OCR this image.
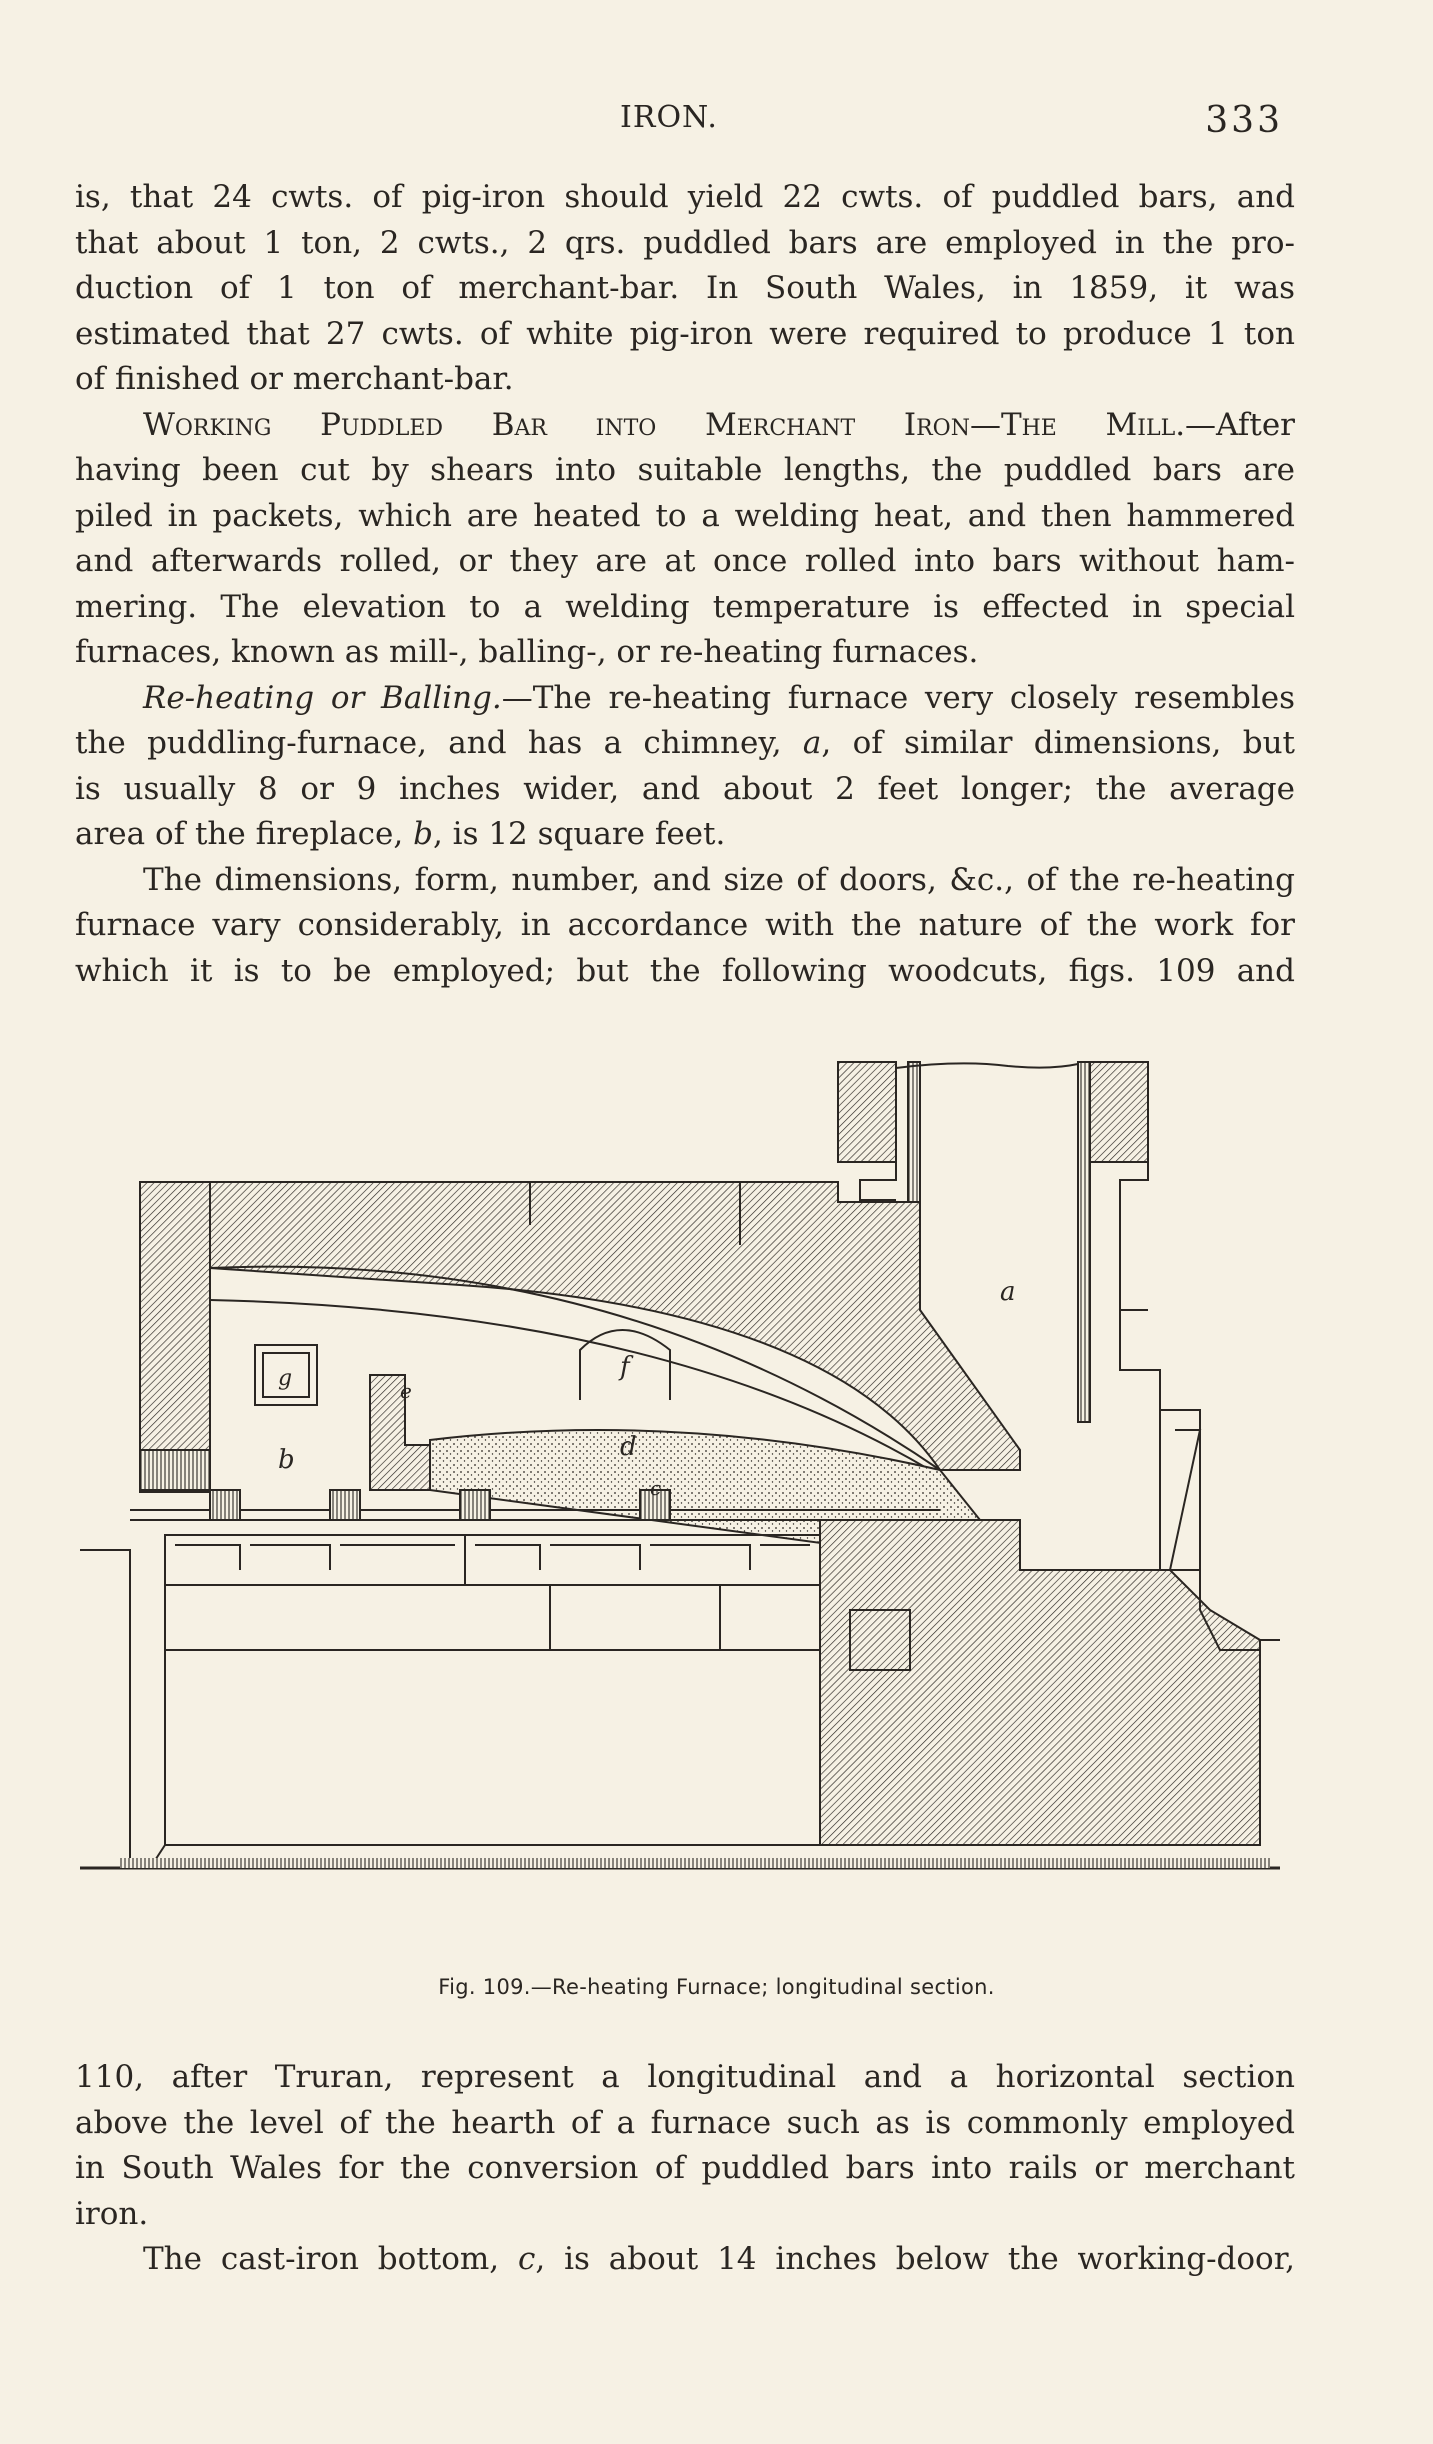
IRON.	333
is, that 24 cwts. of pig-iron should yield 22 cwts. of puddled bars, and
that about 1 ton, 2 cwts., 2 qrs. puddled bars are employed in the pro-
duction of 1 ton of merchant-bar. In South Wales, in 1859, it was
estimated that 27 cwts. of white pig-iron were required to produce 1 ton
of finished or merchant-bar.
Working Puddled Bar into Merchant Iron—The Mill.—After
having been cut by shears into suitable lengths, the puddled bars are
piled in packets, which are heated to a welding heat, and then hammered
and afterwards rolled, or they are at once rolled into bars without ham-
mering. The elevation to a welding temperature is effected in special
furnaces, known as mill-, balling-, or re-heating furnaces.
Re-heating or Balling.—The re-heating furnace very closely resembles
the puddling-furnace, and has a chimney, a, of similar dimensions, but
is usually 8 or 9 inches wider, and about 2 feet longer; the average
area of the fireplace, b, is 12 square feet.
The dimensions, form, number, and size of doors, &c., of the re-heating
furnace vary considerably, in accordance with the nature of the work for
which it is to be employed; but the following woodcuts, figs. 109 and
a
g
b
e
f
d
c
Fig. 109.—Re-heating Furnace; longitudinal section.
110, after Truran, represent a longitudinal and a horizontal section
above the level of the hearth of a furnace such as is commonly employed
in South Wales for the conversion of puddled bars into rails or merchant
iron.
The cast-iron bottom, c, is about 14 inches below the working-door,
